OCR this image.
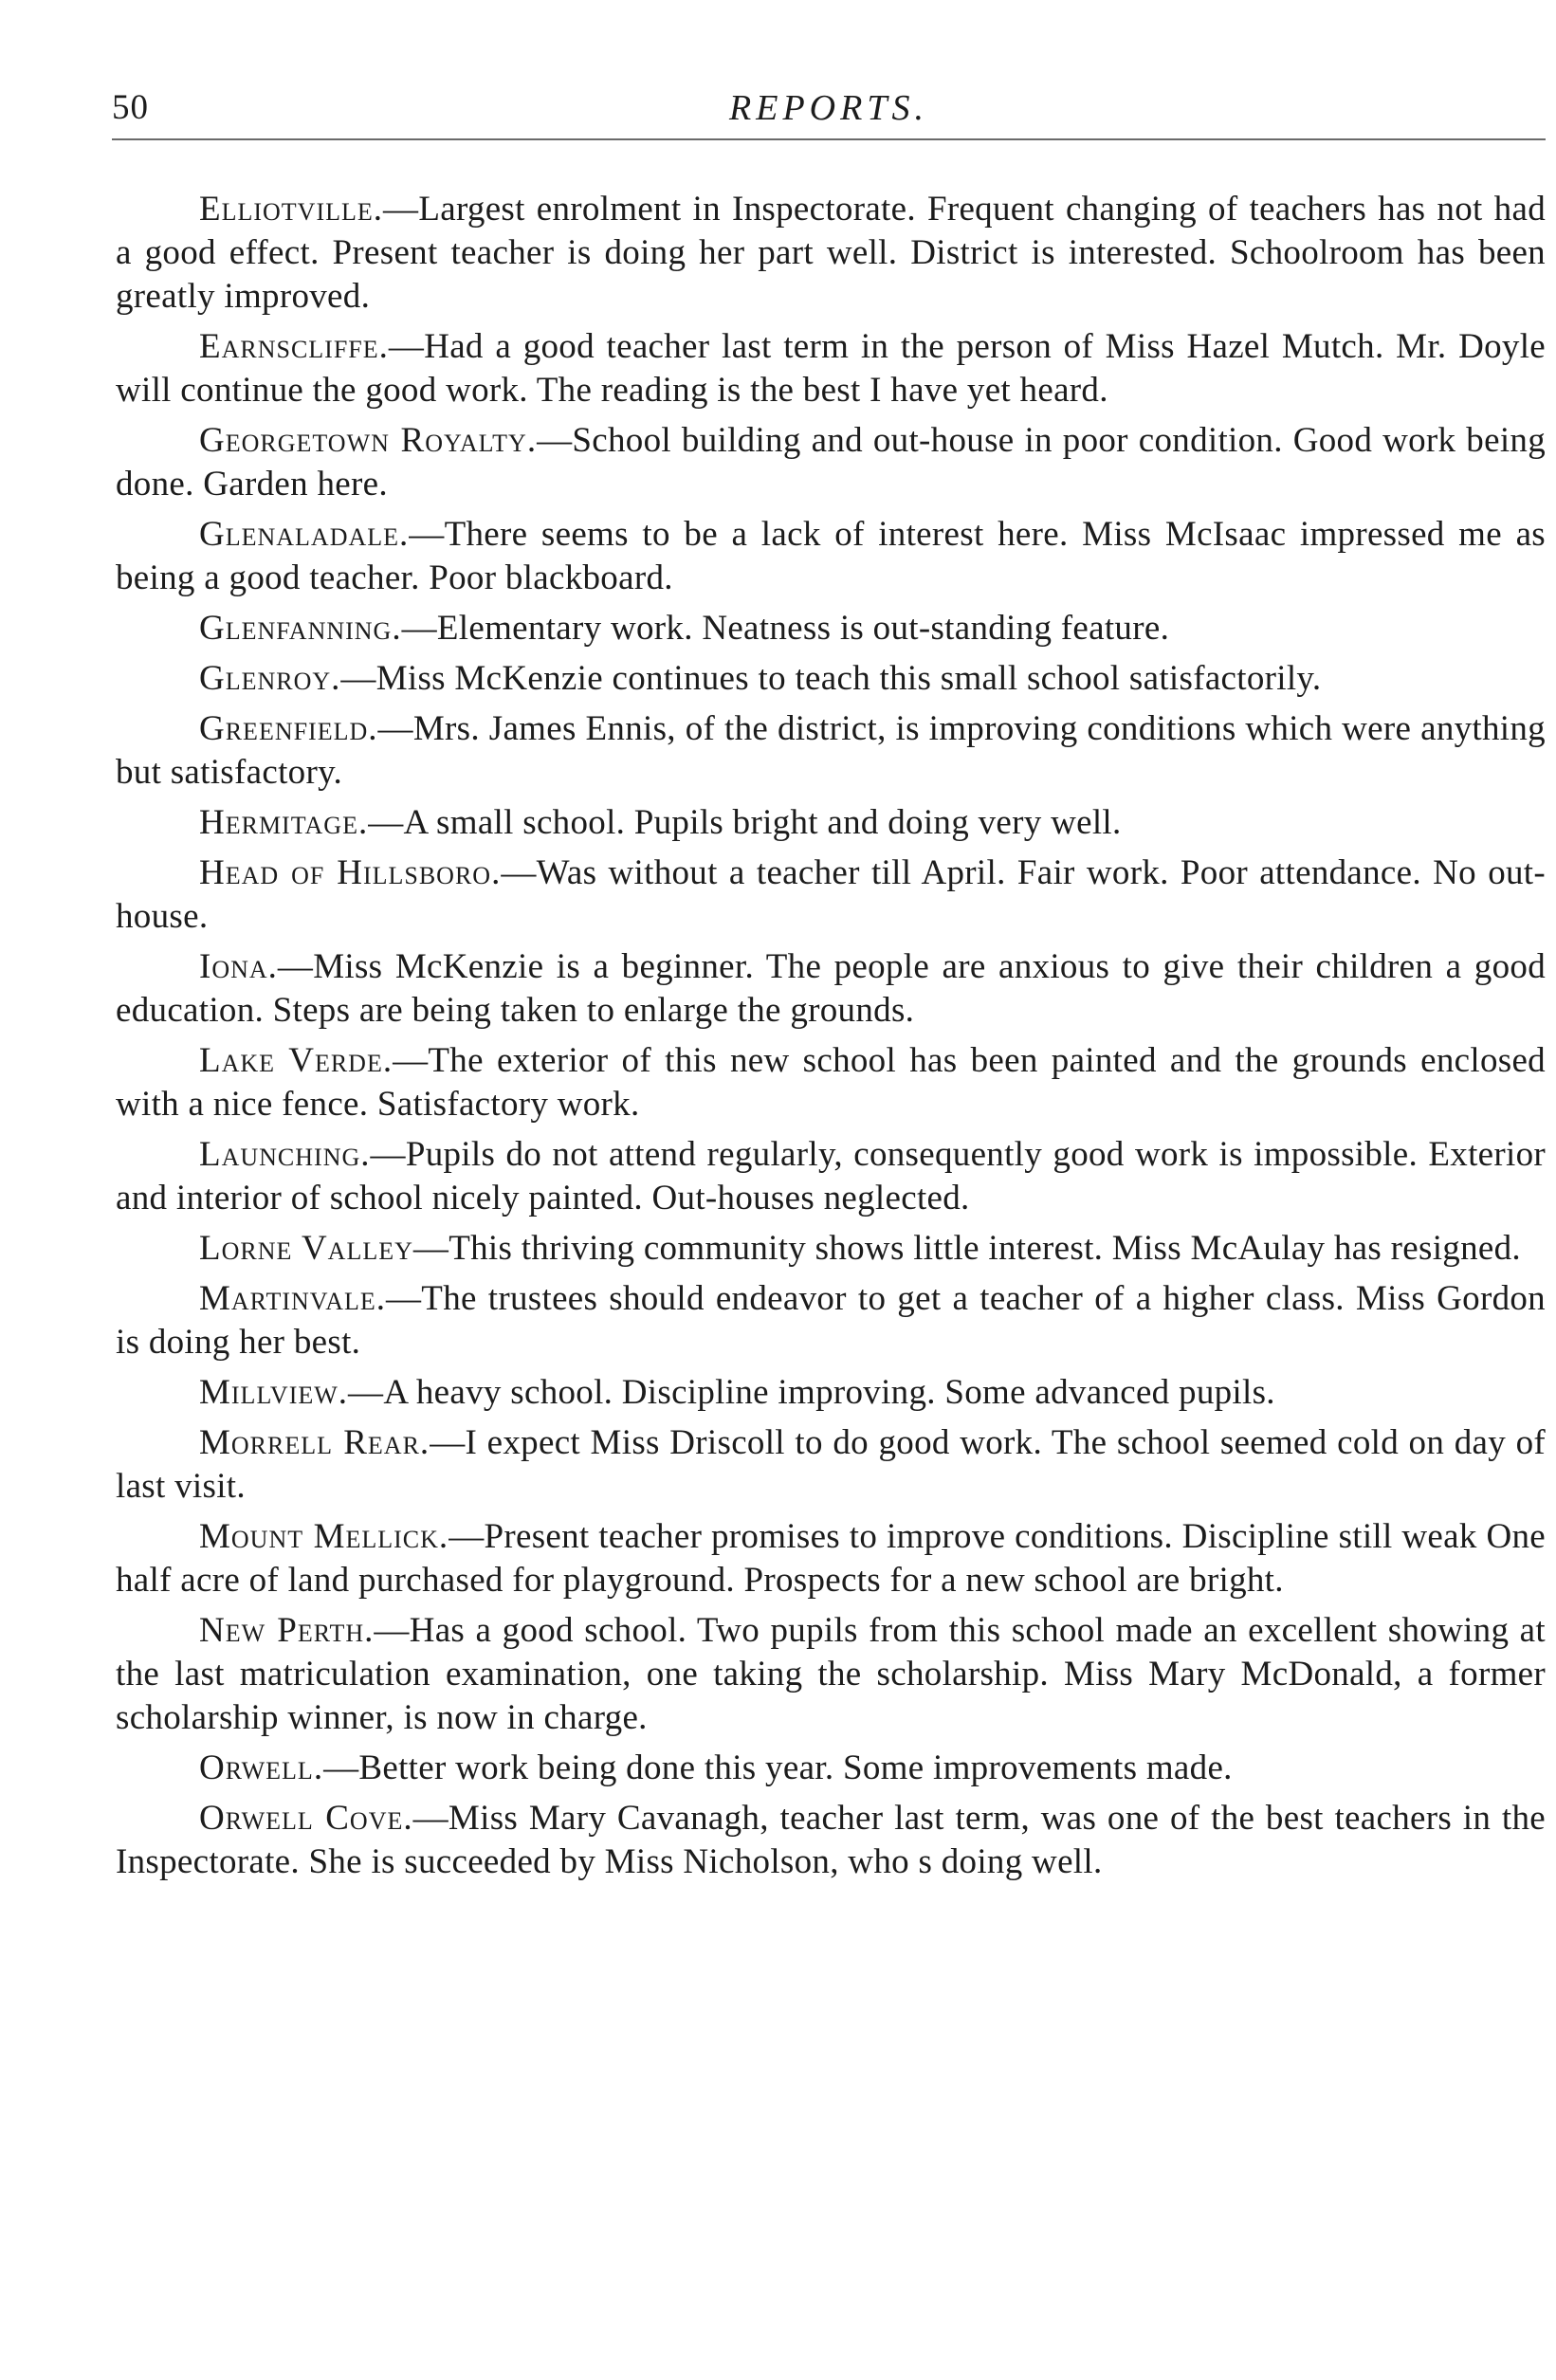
50	REPORTS.

Elliotville.—Largest enrolment in Inspectorate. Frequent changing of teachers has not had a good effect. Present teacher is doing her part well. District is interested. Schoolroom has been greatly improved.

Earnscliffe.—Had a good teacher last term in the person of Miss Hazel Mutch. Mr. Doyle will continue the good work. The reading is the best I have yet heard.

Georgetown Royalty.—School building and out-house in poor condition. Good work being done. Garden here.

Glenaladale.—There seems to be a lack of interest here. Miss McIsaac impressed me as being a good teacher. Poor blackboard.

Glenfanning.—Elementary work. Neatness is out-standing feature.

Glenroy.—Miss McKenzie continues to teach this small school satisfactorily.

Greenfield.—Mrs. James Ennis, of the district, is improving conditions which were anything but satisfactory.

Hermitage.—A small school. Pupils bright and doing very well.

Head of Hillsboro.—Was without a teacher till April. Fair work. Poor attendance. No out-house.

Iona.—Miss McKenzie is a beginner. The people are anxious to give their children a good education. Steps are being taken to enlarge the grounds.

Lake Verde.—The exterior of this new school has been painted and the grounds enclosed with a nice fence. Satisfactory work.

Launching.—Pupils do not attend regularly, consequently good work is impossible. Exterior and interior of school nicely painted. Out-houses neglected.

Lorne Valley—This thriving community shows little interest. Miss McAulay has resigned.

Martinvale.—The trustees should endeavor to get a teacher of a higher class. Miss Gordon is doing her best.

Millview.—A heavy school. Discipline improving. Some advanced pupils.

Morrell Rear.—I expect Miss Driscoll to do good work. The school seemed cold on day of last visit.

Mount Mellick.—Present teacher promises to improve conditions. Discipline still weak One half acre of land purchased for playground. Prospects for a new school are bright.

New Perth.—Has a good school. Two pupils from this school made an excellent showing at the last matriculation examination, one taking the scholarship. Miss Mary McDonald, a former scholarship winner, is now in charge.

Orwell.—Better work being done this year. Some improvements made.

Orwell Cove.—Miss Mary Cavanagh, teacher last term, was one of the best teachers in the Inspectorate. She is succeeded by Miss Nicholson, who s doing well.
